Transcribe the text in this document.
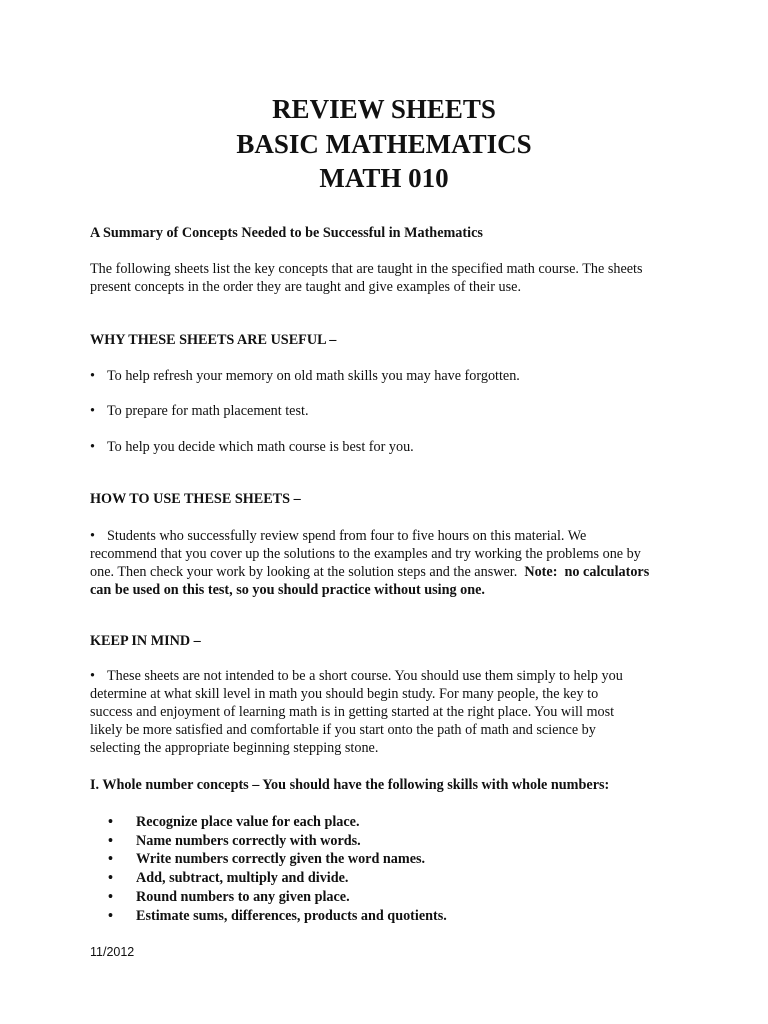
REVIEW SHEETS
BASIC MATHEMATICS
MATH 010
A Summary of Concepts Needed to be Successful in Mathematics
The following sheets list the key concepts that are taught in the specified math course. The sheets
present concepts in the order they are taught and give examples of their use.
WHY THESE SHEETS ARE USEFUL –
• To help refresh your memory on old math skills you may have forgotten.
• To prepare for math placement test.
• To help you decide which math course is best for you.
HOW TO USE THESE SHEETS –
• Students who successfully review spend from four to five hours on this material. We
recommend that you cover up the solutions to the examples and try working the problems one by
one. Then check your work by looking at the solution steps and the answer.  Note:  no calculators
can be used on this test, so you should practice without using one.
KEEP IN MIND –
• These sheets are not intended to be a short course. You should use them simply to help you
determine at what skill level in math you should begin study. For many people, the key to
success and enjoyment of learning math is in getting started at the right place. You will most
likely be more satisfied and comfortable if you start onto the path of math and science by
selecting the appropriate beginning stepping stone.
I. Whole number concepts – You should have the following skills with whole numbers:
• Recognize place value for each place.
• Name numbers correctly with words.
• Write numbers correctly given the word names.
• Add, subtract, multiply and divide.
• Round numbers to any given place.
• Estimate sums, differences, products and quotients.
11/2012
